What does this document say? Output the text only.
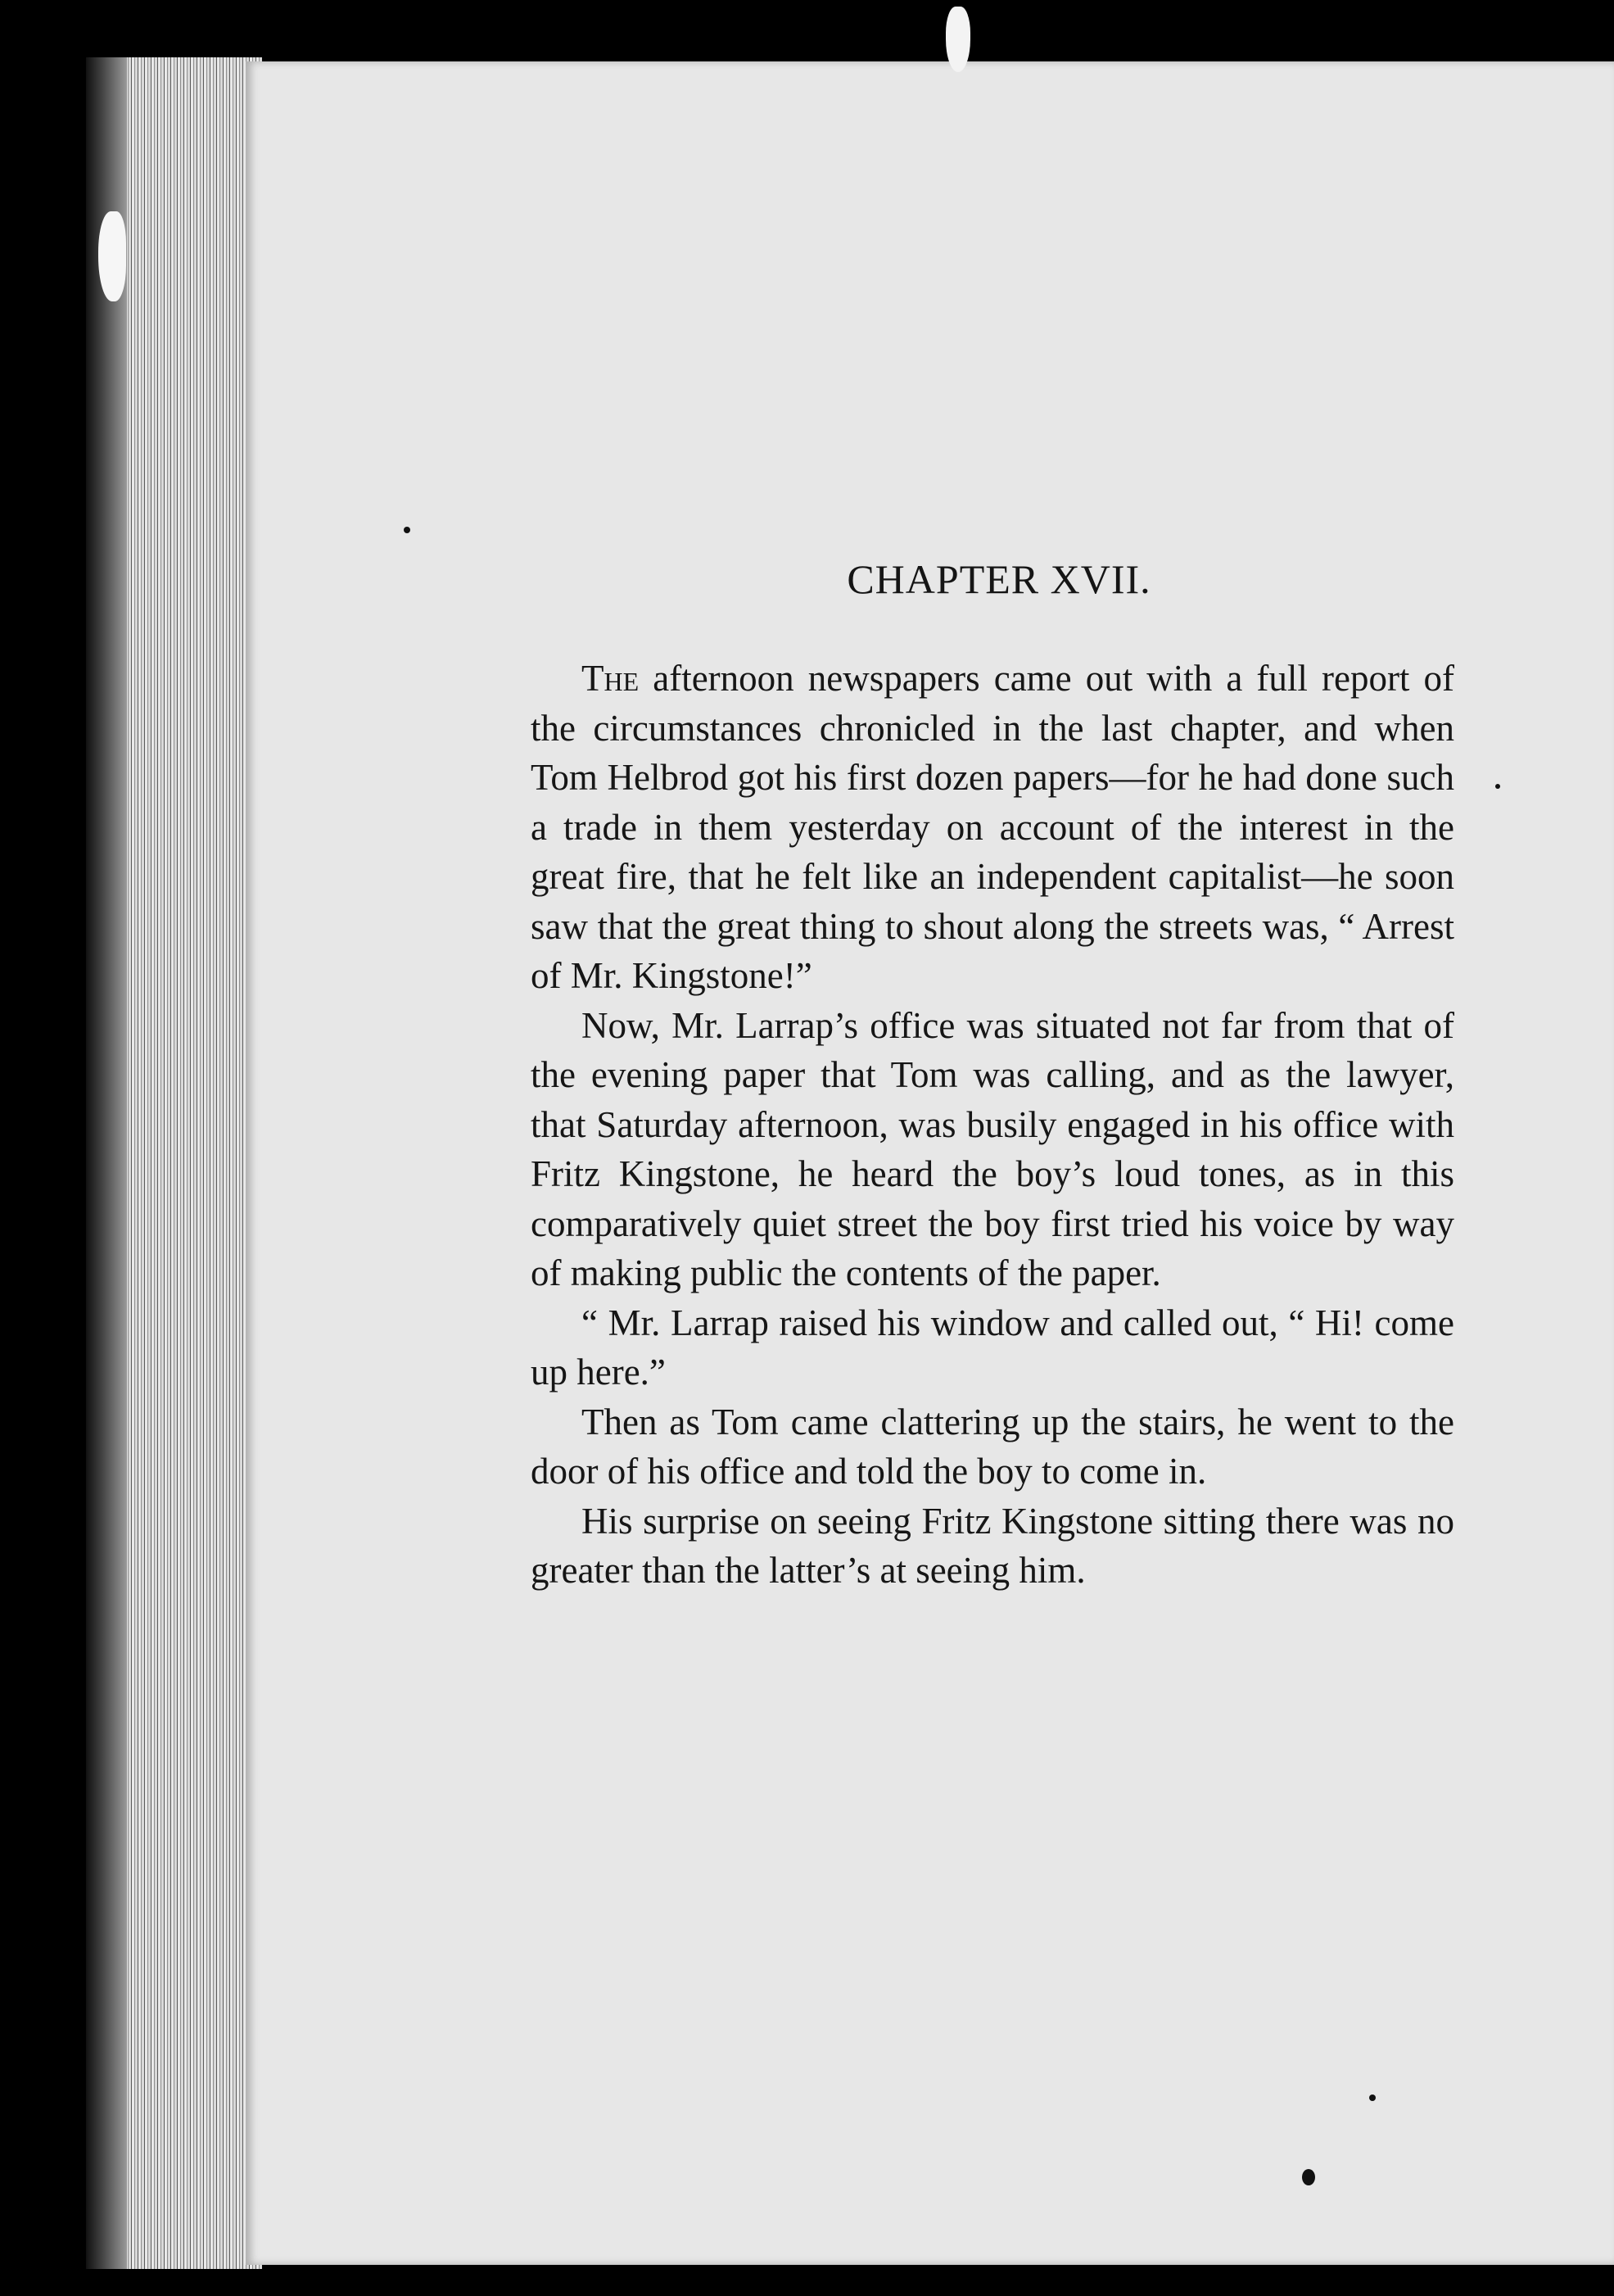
CHAPTER XVII.

The afternoon newspapers came out with a full report of the circumstances chronicled in the last chapter, and when Tom Helbrod got his first dozen papers—for he had done such a trade in them yesterday on account of the interest in the great fire, that he felt like an independent capitalist—he soon saw that the great thing to shout along the streets was, “ Arrest of Mr. Kingstone!”

Now, Mr. Larrap’s office was situated not far from that of the evening paper that Tom was calling, and as the lawyer, that Saturday afternoon, was busily engaged in his office with Fritz Kingstone, he heard the boy’s loud tones, as in this comparatively quiet street the boy first tried his voice by way of making public the contents of the paper.

“ Mr. Larrap raised his window and called out, “ Hi! come up here.”

Then as Tom came clattering up the stairs, he went to the door of his office and told the boy to come in.

His surprise on seeing Fritz Kingstone sitting there was no greater than the latter’s at seeing him.
